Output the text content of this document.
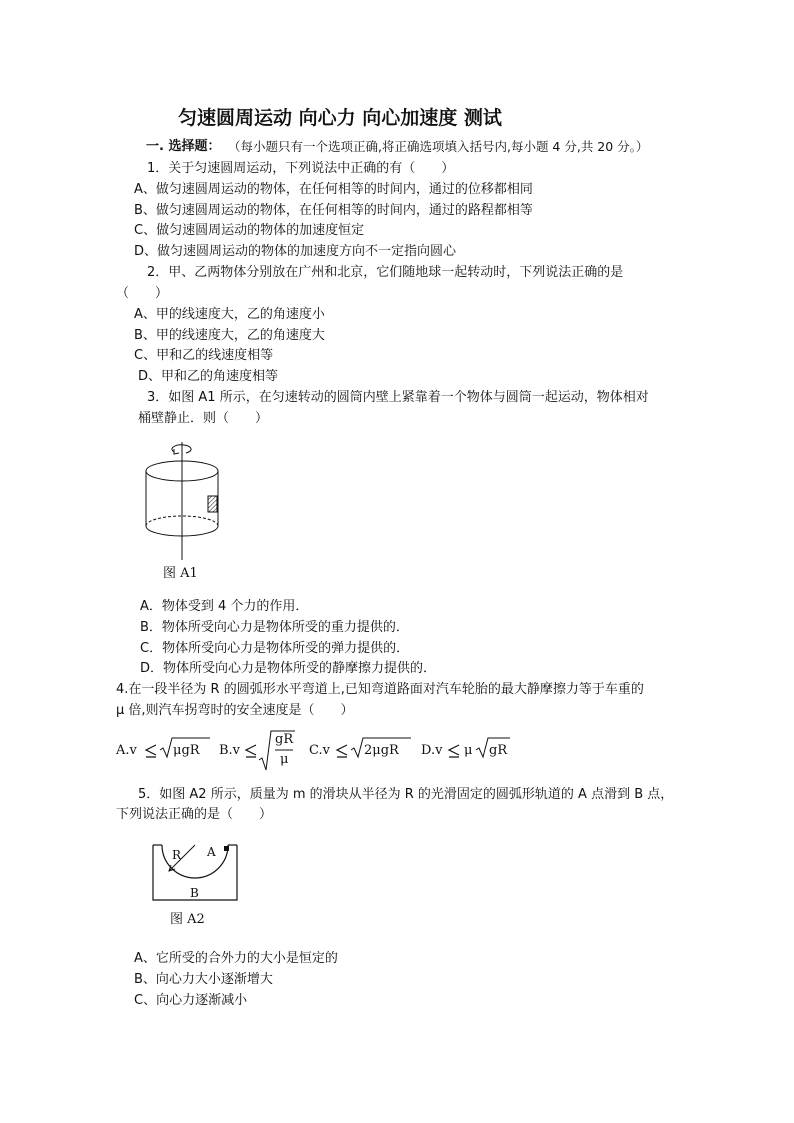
匀速圆周运动 向心力 向心加速度 测试
一. 选择题： （每小题只有一个选项正确,将正确选项填入括号内,每小题 4 分,共 20 分。）
1．关于匀速圆周运动，下列说法中正确的有（　　）
A、做匀速圆周运动的物体，在任何相等的时间内，通过的位移都相同
B、做匀速圆周运动的物体，在任何相等的时间内，通过的路程都相等
C、做匀速圆周运动的物体的加速度恒定
D、做匀速圆周运动的物体的加速度方向不一定指向圆心
2．甲、乙两物体分别放在广州和北京，它们随地球一起转动时，下列说法正确的是
（　　）
A、甲的线速度大，乙的角速度小
B、甲的线速度大，乙的角速度大
C、甲和乙的线速度相等
D、甲和乙的角速度相等
3．如图 A1 所示，在匀速转动的圆筒内壁上紧靠着一个物体与圆筒一起运动，物体相对
桶壁静止．则（　　）
图 A1
A．物体受到 4 个力的作用．
B．物体所受向心力是物体所受的重力提供的．
C．物体所受向心力是物体所受的弹力提供的．
D．物体所受向心力是物体所受的静摩擦力提供的．
4.在一段半径为 R 的圆弧形水平弯道上,已知弯道路面对汽车轮胎的最大静摩擦力等于车重的
μ 倍,则汽车拐弯时的安全速度是（　　）
A.v	μgR B.v
gR
μ
C.v	2μgR D.v μ gR
5．如图 A2 所示，质量为 m 的滑块从半径为 R 的光滑固定的圆弧形轨道的 A 点滑到 B 点，
下列说法正确的是（　　）
R A
B
图 A2
A、它所受的合外力的大小是恒定的
B、向心力大小逐渐增大
C、向心力逐渐减小
